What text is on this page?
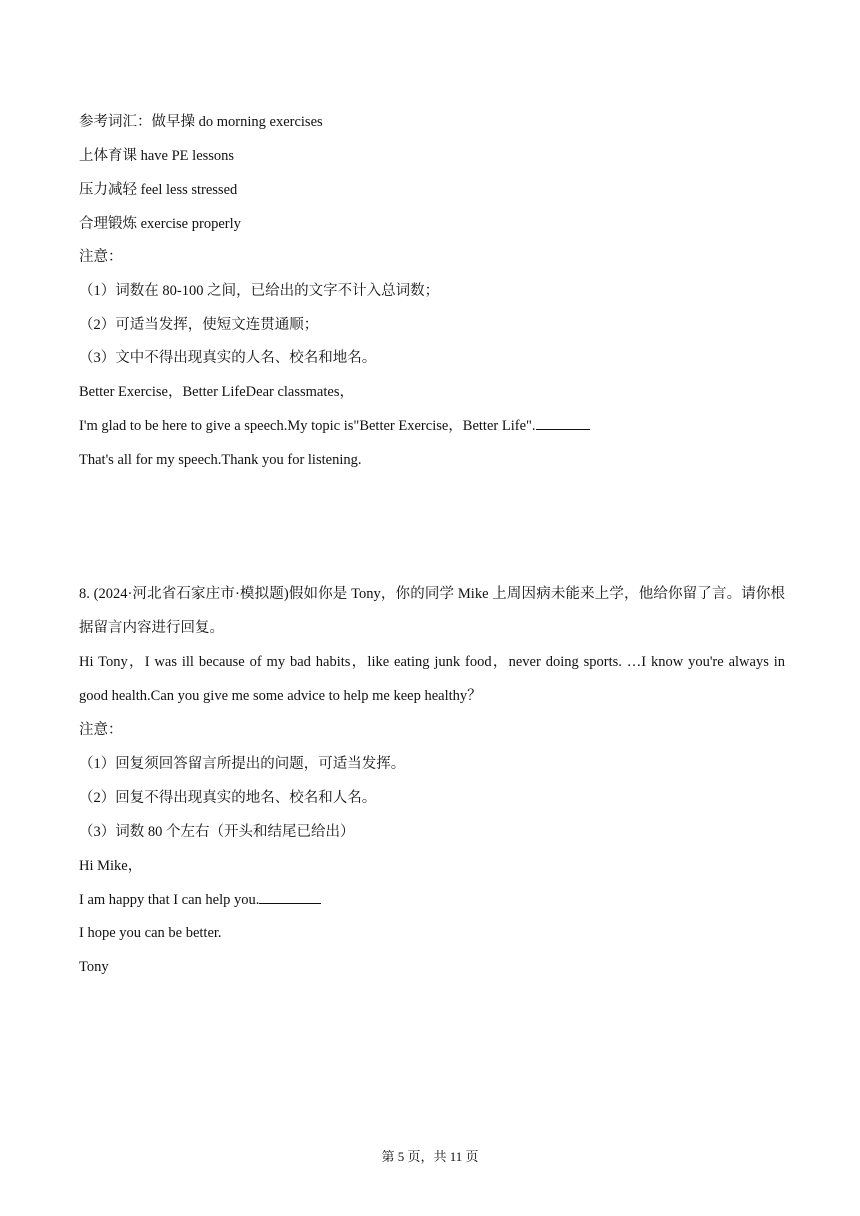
参考词汇：做早操 do morning exercises
上体育课 have PE lessons
压力减轻 feel less stressed
合理锻炼 exercise properly
注意：
（1）词数在 80-100 之间，已给出的文字不计入总词数；
（2）可适当发挥，使短文连贯通顺；
（3）文中不得出现真实的人名、校名和地名。
Better Exercise，Better LifeDear classmates，
I'm glad to be here to give a speech.My topic is"Better Exercise，Better Life".
That's all for my speech.Thank you for listening.
8. (2024·河北省石家庄市·模拟题)假如你是 Tony，你的同学 Mike 上周因病未能来上学，他给你留了言。请你根据留言内容进行回复。
Hi Tony，I was ill because of my bad habits，like eating junk food，never doing sports. …I know you're always in good health.Can you give me some advice to help me keep healthy？
注意：
（1）回复须回答留言所提出的问题，可适当发挥。
（2）回复不得出现真实的地名、校名和人名。
（3）词数 80 个左右（开头和结尾已给出）
Hi Mike，
I am happy that I can help you.
I hope you can be better.
Tony
第 5 页，共 11 页
